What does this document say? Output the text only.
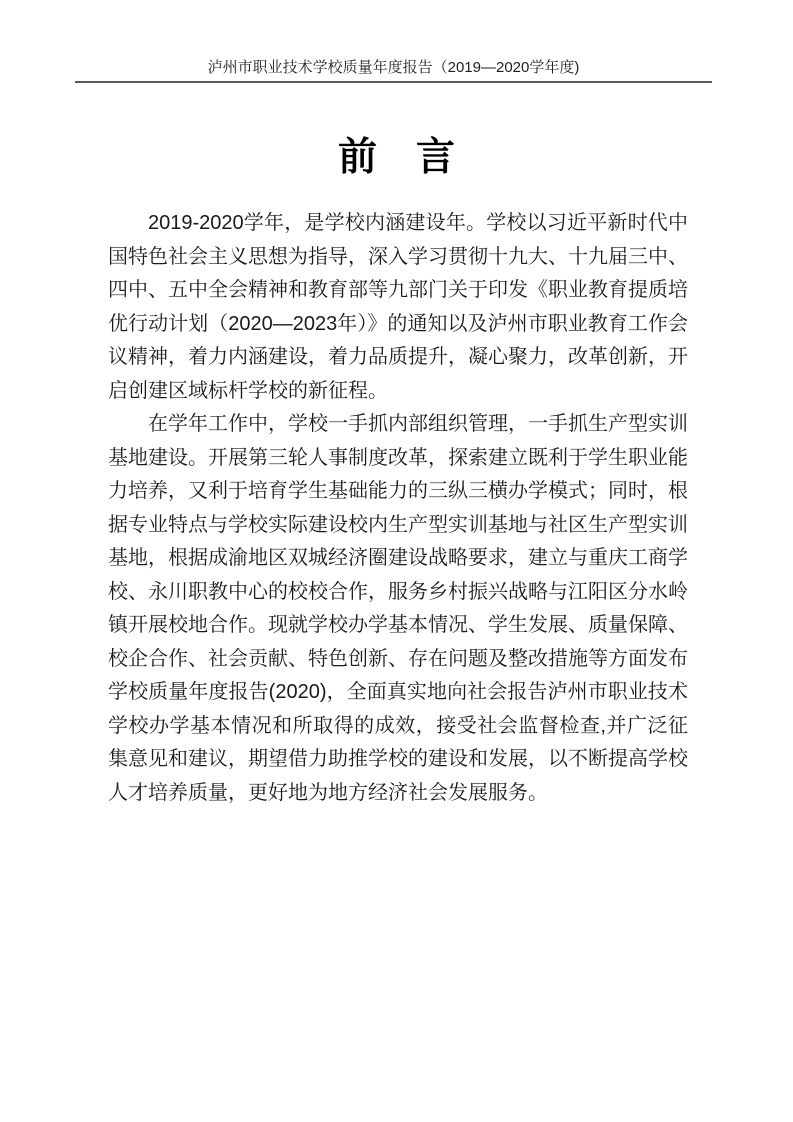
泸州市职业技术学校质量年度报告（2019—2020学年度)
前　言

2019-2020学年，是学校内涵建设年。学校以习近平新时代中国特色社会主义思想为指导，深入学习贯彻十九大、十九届三中、四中、五中全会精神和教育部等九部门关于印发《职业教育提质培优行动计划（2020—2023年）》的通知以及泸州市职业教育工作会议精神，着力内涵建设，着力品质提升，凝心聚力，改革创新，开启创建区域标杆学校的新征程。

在学年工作中，学校一手抓内部组织管理，一手抓生产型实训基地建设。开展第三轮人事制度改革，探索建立既利于学生职业能力培养，又利于培育学生基础能力的三纵三横办学模式；同时，根据专业特点与学校实际建设校内生产型实训基地与社区生产型实训基地，根据成渝地区双城经济圈建设战略要求，建立与重庆工商学校、永川职教中心的校校合作，服务乡村振兴战略与江阳区分水岭镇开展校地合作。现就学校办学基本情况、学生发展、质量保障、校企合作、社会贡献、特色创新、存在问题及整改措施等方面发布学校质量年度报告(2020)，全面真实地向社会报告泸州市职业技术学校办学基本情况和所取得的成效，接受社会监督检查,并广泛征集意见和建议，期望借力助推学校的建设和发展，以不断提高学校人才培养质量，更好地为地方经济社会发展服务。
